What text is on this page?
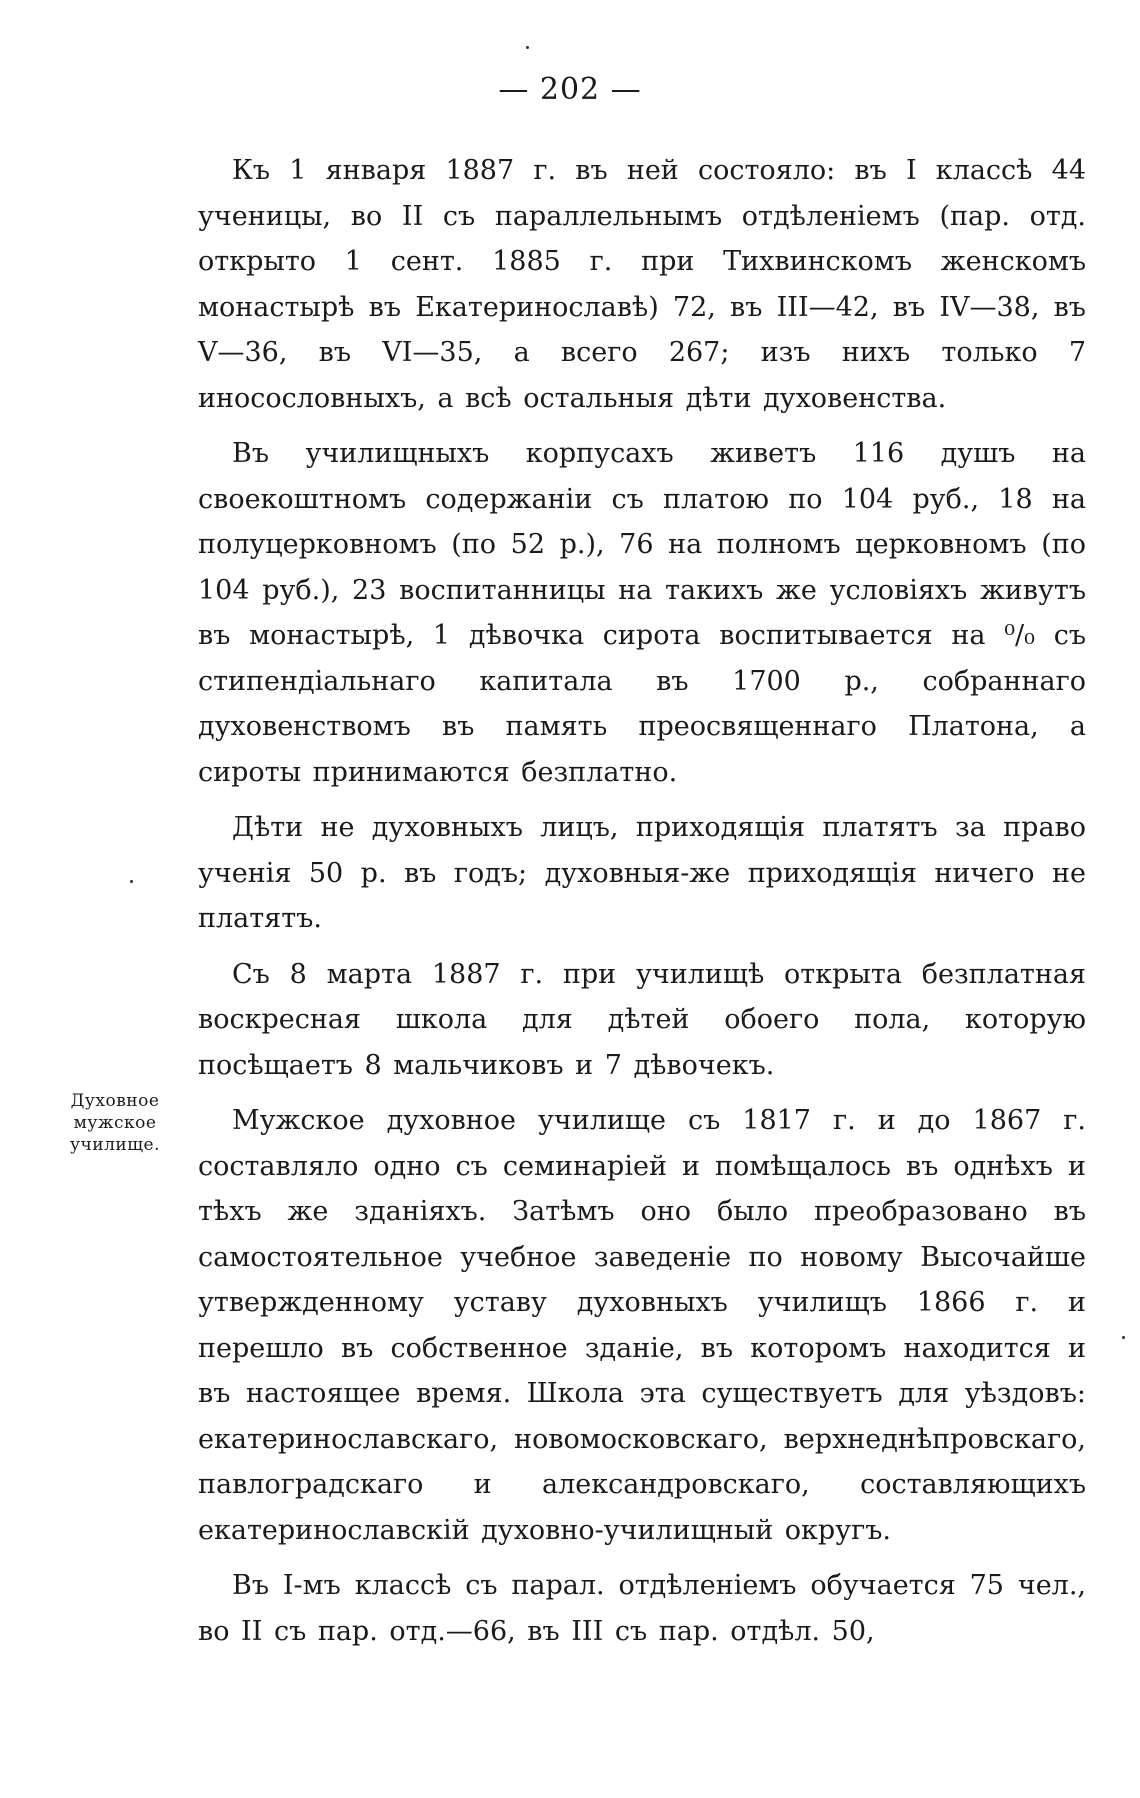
— 202 —
Духовное мужское училище.

Къ 1 января 1887 г. въ ней состояло: въ I классѣ 44 ученицы, во II съ параллельнымъ отдѣленіемъ (пар. отд. открыто 1 сент. 1885 г. при Тихвинскомъ женскомъ монастырѣ въ Екатеринославѣ) 72, въ III—42, въ IV—38, въ V—36, въ VI—35, а всего 267; изъ нихъ только 7 иносословныхъ, а всѣ остальныя дѣти духовенства.

Въ училищныхъ корпусахъ живетъ 116 душъ на своекоштномъ содержаніи съ платою по 104 руб., 18 на полуцерковномъ (по 52 р.), 76 на полномъ церковномъ (по 104 руб.), 23 воспитанницы на такихъ же условіяхъ живутъ въ монастырѣ, 1 дѣвочка сирота воспитывается на ⁰/₀ съ стипендіальнаго капитала въ 1700 р., собраннаго духовенствомъ въ память преосвященнаго Платона, а сироты принимаются безплатно.

Дѣти не духовныхъ лицъ, приходящія платятъ за право ученія 50 р. въ годъ; духовныя-же приходящія ничего не платятъ.

Съ 8 марта 1887 г. при училищѣ открыта безплатная воскресная школа для дѣтей обоего пола, которую посѣщаетъ 8 мальчиковъ и 7 дѣвочекъ.

Мужское духовное училище съ 1817 г. и до 1867 г. составляло одно съ семинаріей и помѣщалось въ однѣхъ и тѣхъ же зданіяхъ. Затѣмъ оно было преобразовано въ самостоятельное учебное заведеніе по новому Высочайше утвержденному уставу духовныхъ училищъ 1866 г. и перешло въ собственное зданіе, въ которомъ находится и въ настоящее время. Школа эта существуетъ для уѣздовъ: екатеринославскаго, новомосковскаго, верхнеднѣпровскаго, павлоградскаго и александровскаго, составляющихъ екатеринославскій духовно-училищный округъ.

Въ I-мъ классѣ съ парал. отдѣленіемъ обучается 75 чел., во II съ пар. отд.—66, въ III съ пар. отдѣл. 50,
